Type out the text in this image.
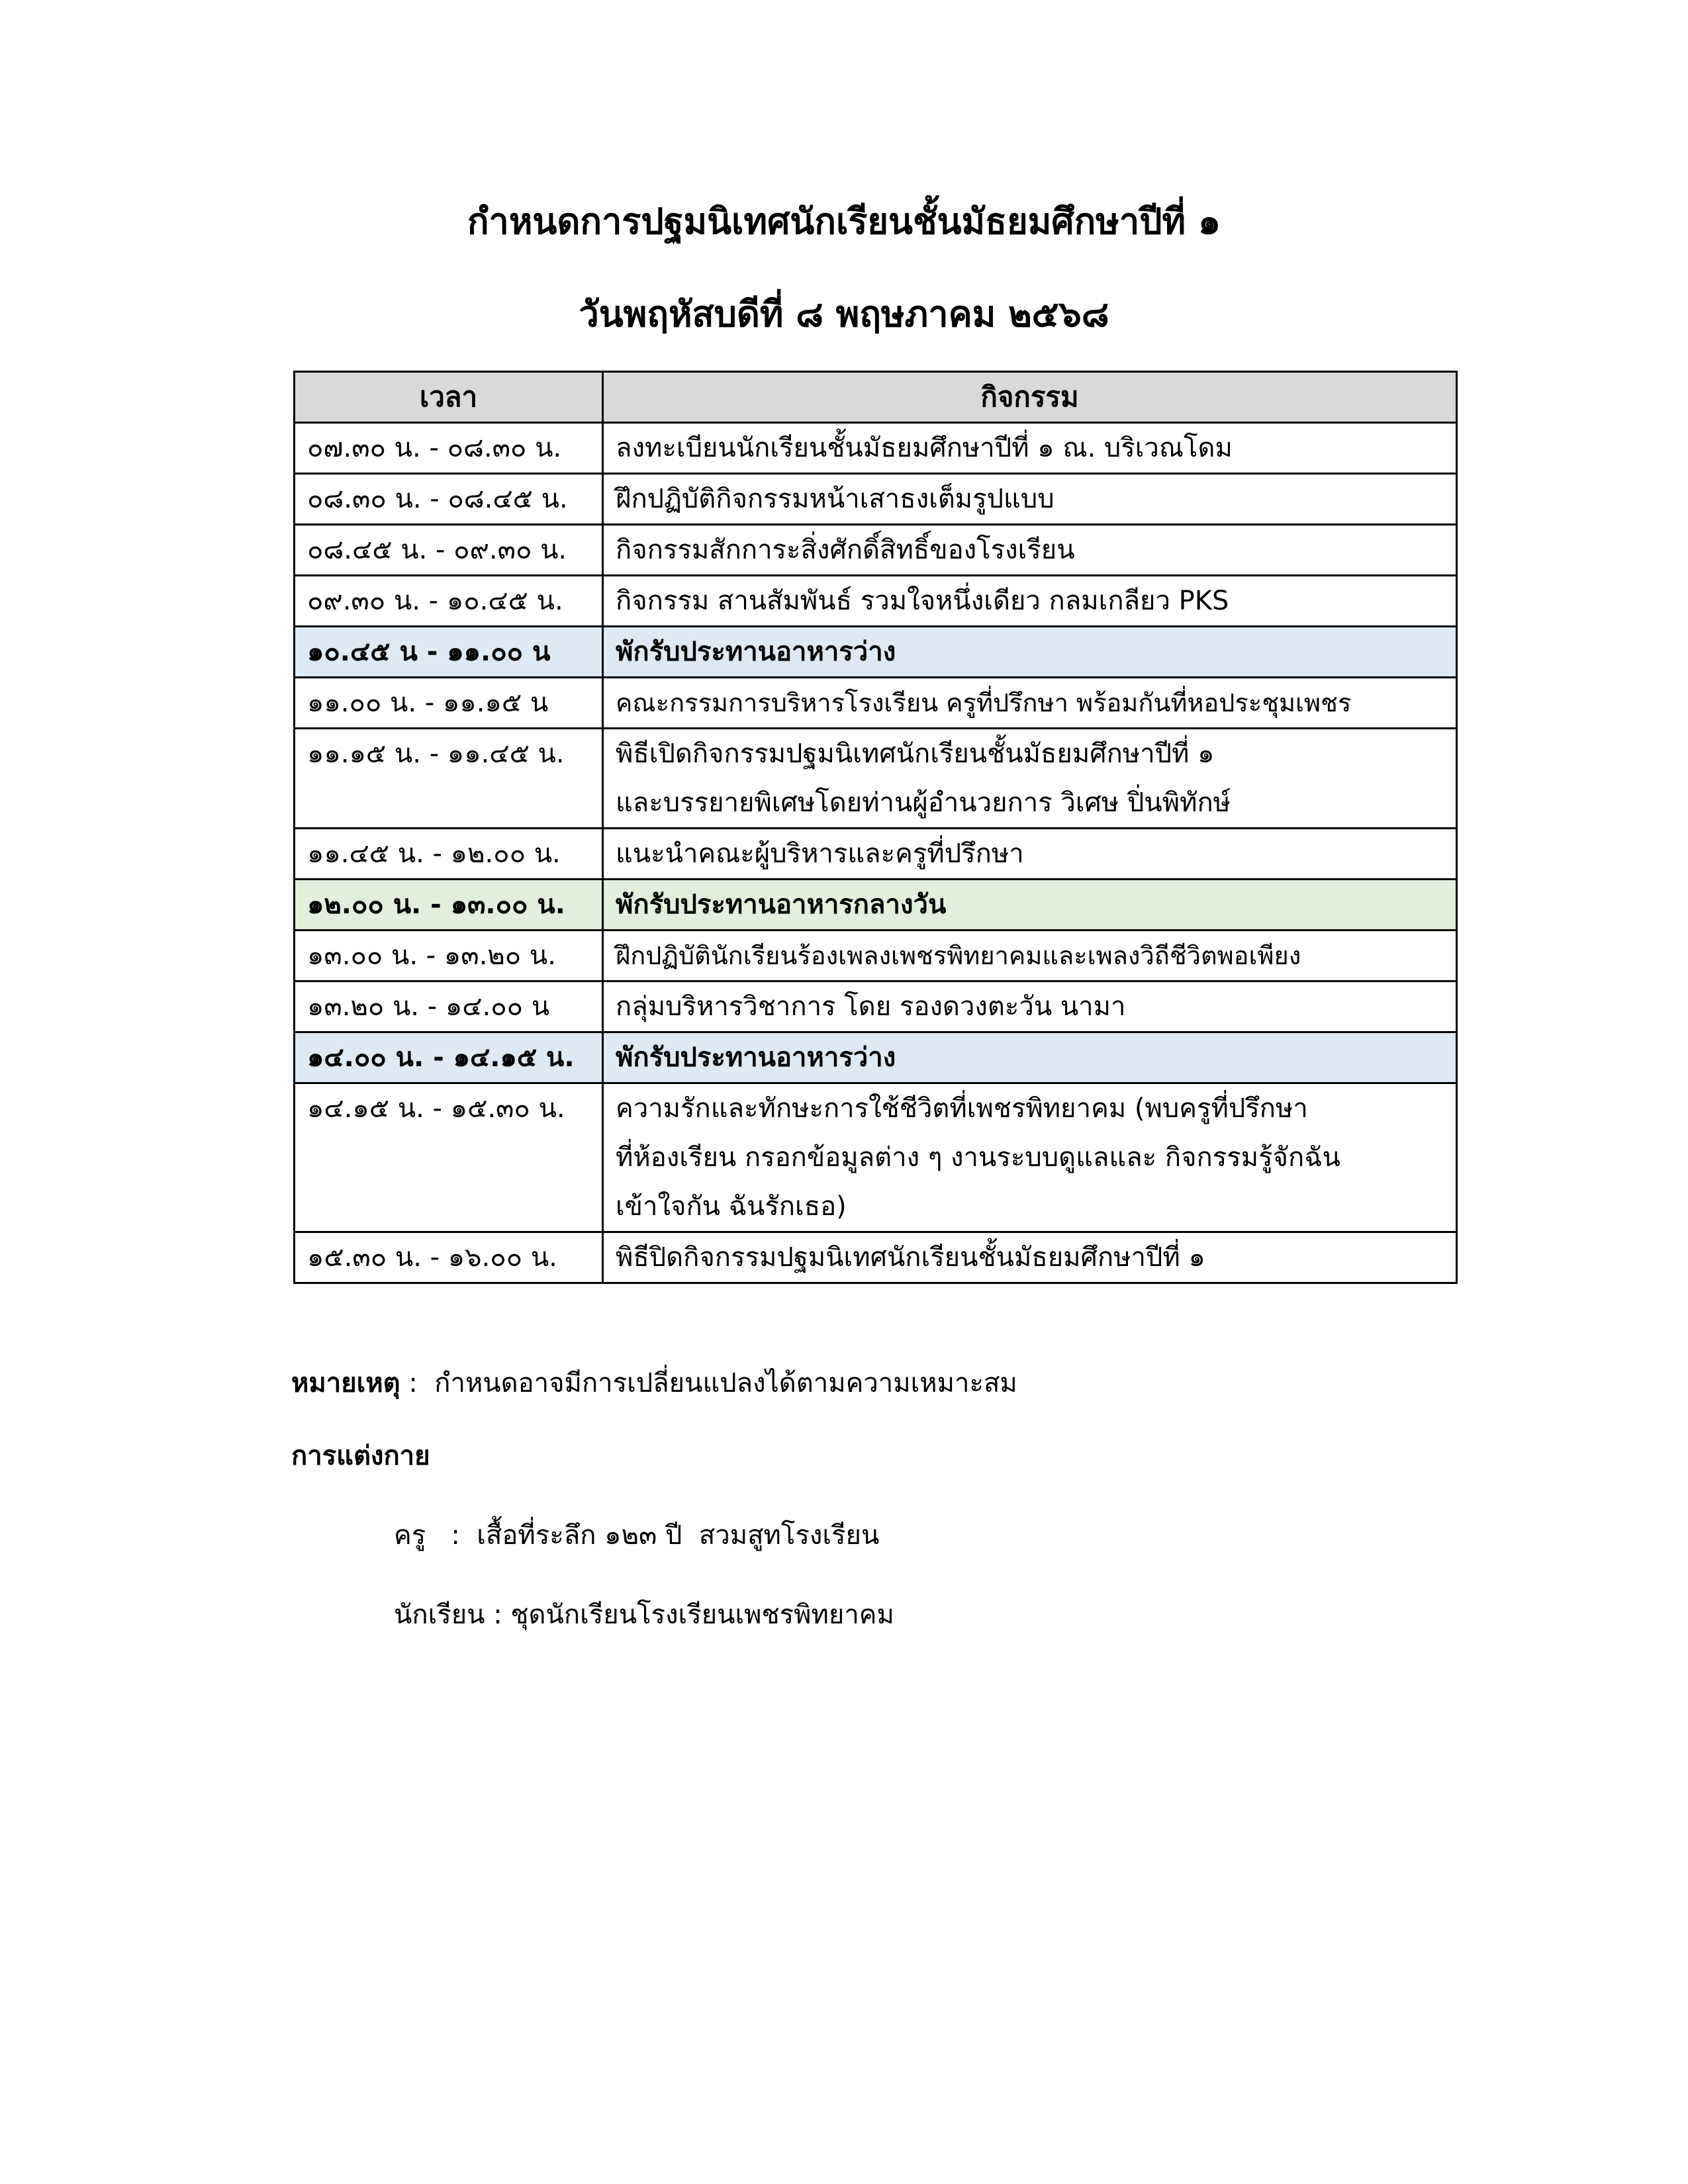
กำหนดการปฐมนิเทศนักเรียนชั้นมัธยมศึกษาปีที่ ๑
วันพฤหัสบดีที่ ๘ พฤษภาคม ๒๕๖๘
เวลา	กิจกรรม
๐๗.๓๐ น. - ๐๘.๓๐ น.	ลงทะเบียนนักเรียนชั้นมัธยมศึกษาปีที่ ๑ ณ. บริเวณโดม

๐๘.๓๐ น. - ๐๘.๔๕ น.	ฝึกปฏิบัติกิจกรรมหน้าเสาธงเต็มรูปแบบ

๐๘.๔๕ น. - ๐๙.๓๐ น.	กิจกรรมสักการะสิ่งศักดิ์สิทธิ์ของโรงเรียน

๐๙.๓๐ น. - ๑๐.๔๕ น.	กิจกรรม สานสัมพันธ์ รวมใจหนึ่งเดียว กลมเกลียว PKS

๑๐.๔๕ น - ๑๑.๐๐ น	พักรับประทานอาหารว่าง

๑๑.๐๐ น. - ๑๑.๑๕ น	คณะกรรมการบริหารโรงเรียน ครูที่ปรึกษา พร้อมกันที่หอประชุมเพชร

๑๑.๑๕ น. - ๑๑.๔๕ น.	พิธีเปิดกิจกรรมปฐมนิเทศนักเรียนชั้นมัธยมศึกษาปีที่ ๑
และบรรยายพิเศษโดยท่านผู้อำนวยการ วิเศษ ปิ่นพิทักษ์

๑๑.๔๕ น. - ๑๒.๐๐ น.	แนะนำคณะผู้บริหารและครูที่ปรึกษา

๑๒.๐๐ น. - ๑๓.๐๐ น.	พักรับประทานอาหารกลางวัน

๑๓.๐๐ น. - ๑๓.๒๐ น.	ฝึกปฏิบัตินักเรียนร้องเพลงเพชรพิทยาคมและเพลงวิถีชีวิตพอเพียง

๑๓.๒๐ น. - ๑๔.๐๐ น	กลุ่มบริหารวิชาการ โดย รองดวงตะวัน นามา

๑๔.๐๐ น. - ๑๔.๑๕ น.	พักรับประทานอาหารว่าง

๑๔.๑๕ น. - ๑๕.๓๐ น.	ความรักและทักษะการใช้ชีวิตที่เพชรพิทยาคม (พบครูที่ปรึกษา
ที่ห้องเรียน กรอกข้อมูลต่าง ๆ งานระบบดูแลและ กิจกรรมรู้จักฉัน
เข้าใจกัน ฉันรักเธอ)

๑๕.๓๐ น. - ๑๖.๐๐ น.	พิธีปิดกิจกรรมปฐมนิเทศนักเรียนชั้นมัธยมศึกษาปีที่ ๑
หมายเหตุ :  กำหนดอาจมีการเปลี่ยนแปลงได้ตามความเหมาะสม
การแต่งกาย
ครู   :  เสื้อที่ระลึก ๑๒๓ ปี  สวมสูทโรงเรียน
นักเรียน : ชุดนักเรียนโรงเรียนเพชรพิทยาคม
